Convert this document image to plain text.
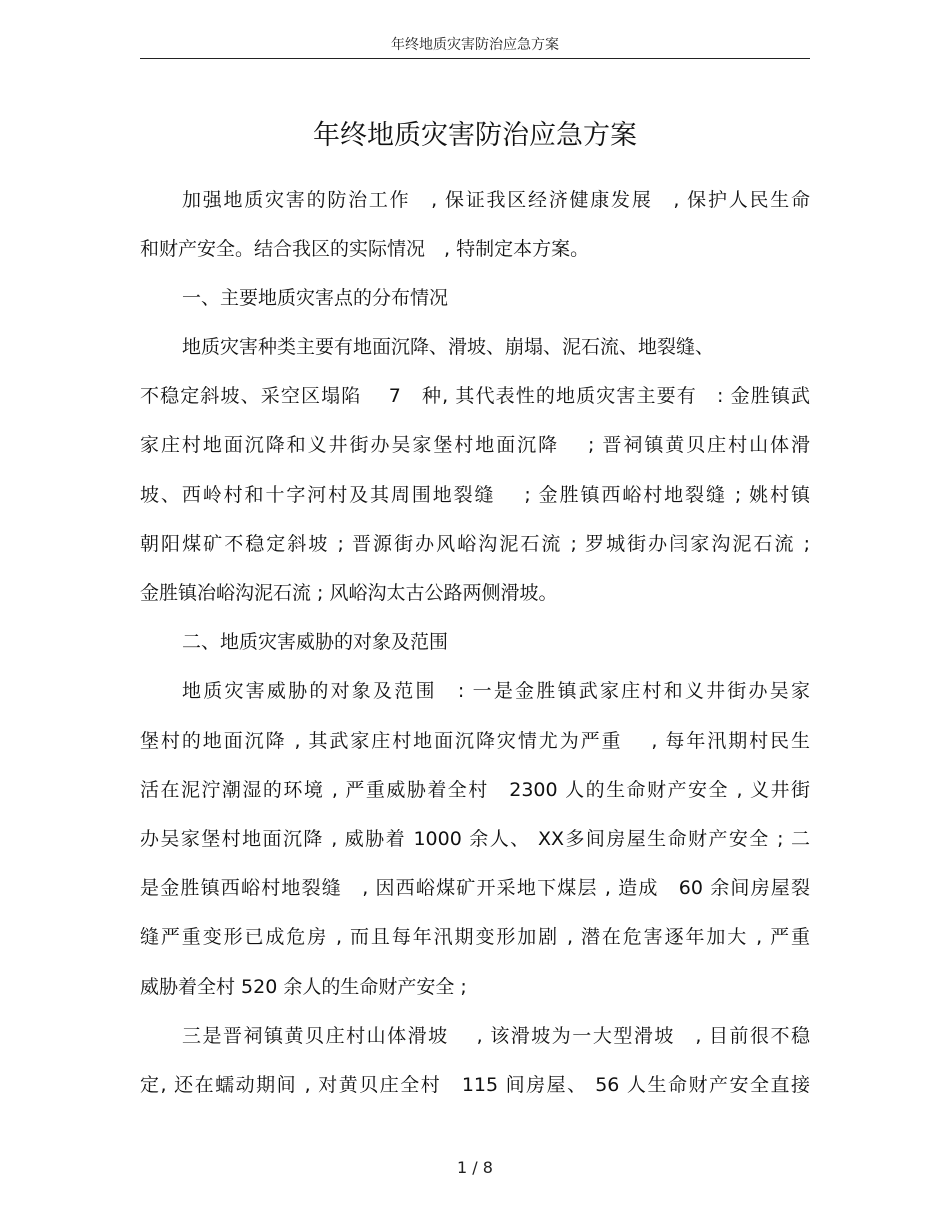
年终地质灾害防治应急方案
年终地质灾害防治应急方案
加强地质灾害的防治工作　, 保证我区经济健康发展　, 保护人民生命
和财产安全。结合我区的实际情况　, 特制定本方案。
一、主要地质灾害点的分布情况
地质灾害种类主要有地面沉降、滑坡、崩塌、泥石流、地裂缝、
不稳定斜坡、采空区塌陷　 7　种, 其代表性的地质灾害主要有　: 金胜镇武
家庄村地面沉降和义井街办吴家堡村地面沉降　 ; 晋祠镇黄贝庄村山体滑
坡、西岭村和十字河村及其周围地裂缝　 ; 金胜镇西峪村地裂缝 ; 姚村镇
朝阳煤矿不稳定斜坡 ; 晋源街办风峪沟泥石流 ; 罗城街办闫家沟泥石流 ;
金胜镇冶峪沟泥石流 ; 风峪沟太古公路两侧滑坡。
二、地质灾害威胁的对象及范围
地质灾害威胁的对象及范围　: 一是金胜镇武家庄村和义井街办吴家
堡村的地面沉降 , 其武家庄村地面沉降灾情尤为严重　 , 每年汛期村民生
活在泥泞潮湿的环境 , 严重威胁着全村　2300 人的生命财产安全 , 义井街
办吴家堡村地面沉降 , 威胁着 1000 余人、 XX多间房屋生命财产安全 ; 二
是金胜镇西峪村地裂缝　, 因西峪煤矿开采地下煤层 , 造成　60 余间房屋裂
缝严重变形已成危房 , 而且每年汛期变形加剧 , 潜在危害逐年加大 , 严重
威胁着全村 520 余人的生命财产安全 ;
三是晋祠镇黄贝庄村山体滑坡　 , 该滑坡为一大型滑坡　, 目前很不稳
定, 还在蠕动期间 , 对黄贝庄全村　115 间房屋、 56 人生命财产安全直接
1 / 8
